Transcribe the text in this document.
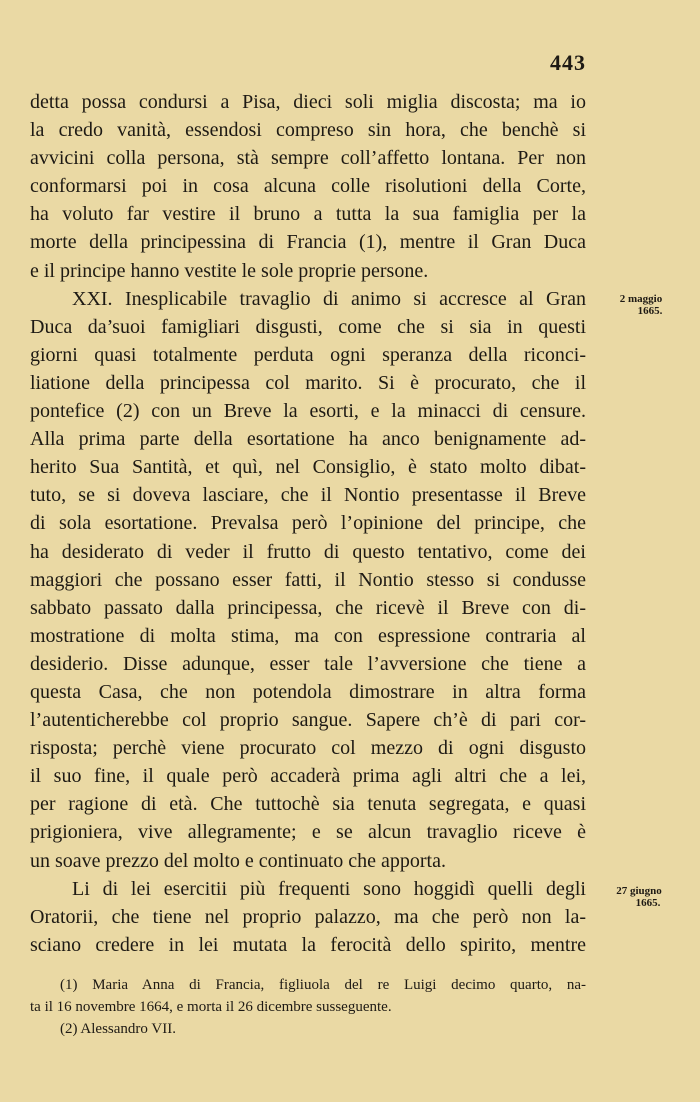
443
detta possa condursi a Pisa, dieci soli miglia discosta; ma io
la credo vanità, essendosi compreso sin hora, che benchè si
avvicini colla persona, stà sempre coll’affetto lontana. Per non
conformarsi poi in cosa alcuna colle risolutioni della Corte,
ha voluto far vestire il bruno a tutta la sua famiglia per la
morte della principessina di Francia (1), mentre il Gran Duca
e il principe hanno vestite le sole proprie persone.
XXI. Inesplicabile travaglio di animo si accresce al Gran
Duca da’suoi famigliari disgusti, come che si sia in questi
giorni quasi totalmente perduta ogni speranza della riconci-
liatione della principessa col marito. Si è procurato, che il
pontefice (2) con un Breve la esorti, e la minacci di censure.
Alla prima parte della esortatione ha anco benignamente ad-
herito Sua Santità, et quì, nel Consiglio, è stato molto dibat-
tuto, se si doveva lasciare, che il Nontio presentasse il Breve
di sola esortatione. Prevalsa però l’opinione del principe, che
ha desiderato di veder il frutto di questo tentativo, come dei
maggiori che possano esser fatti, il Nontio stesso si condusse
sabbato passato dalla principessa, che ricevè il Breve con di-
mostratione di molta stima, ma con espressione contraria al
desiderio. Disse adunque, esser tale l’avversione che tiene a
questa Casa, che non potendola dimostrare in altra forma
l’autenticherebbe col proprio sangue. Sapere ch’è di pari cor-
risposta; perchè viene procurato col mezzo di ogni disgusto
il suo fine, il quale però accaderà prima agli altri che a lei,
per ragione di età. Che tuttochè sia tenuta segregata, e quasi
prigioniera, vive allegramente; e se alcun travaglio riceve è
un soave prezzo del molto e continuato che apporta.
Li di lei esercitii più frequenti sono hoggidì quelli degli
Oratorii, che tiene nel proprio palazzo, ma che però non la-
sciano credere in lei mutata la ferocità dello spirito, mentre
2 maggio
1665.
27 giugno
1665.
(1) Maria Anna di Francia, figliuola del re Luigi decimo quarto, na-
ta il 16 novembre 1664, e morta il 26 dicembre susseguente.
(2) Alessandro VII.
